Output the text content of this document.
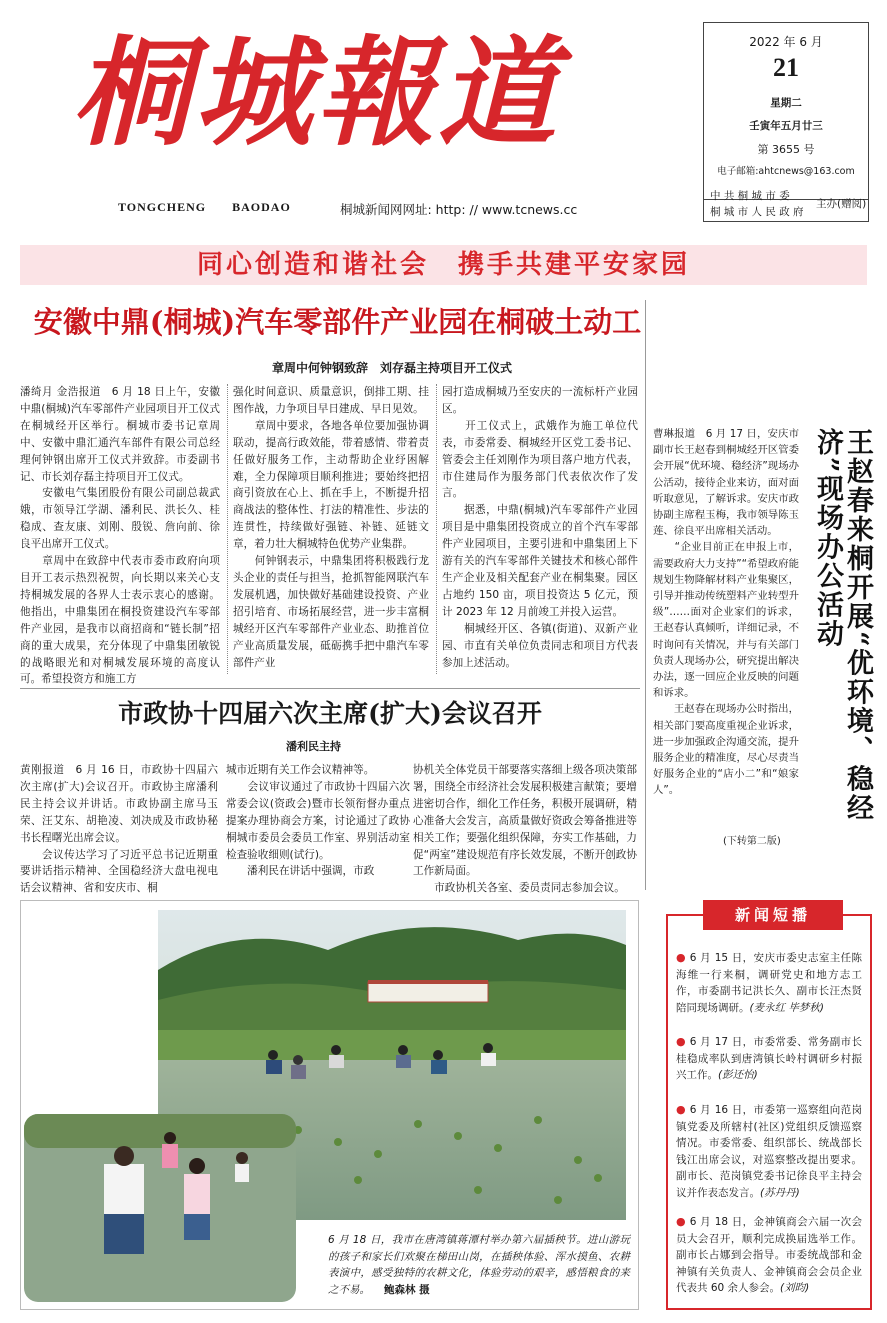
桐城報道
TONGCHENG BAODAO	桐城新闻网网址: http: // www.tcnews.cc
2022 年 6 月
21
星期二
壬寅年五月廿三
第 3655 号
电子邮箱:ahtcnews@163.com
中 共 桐 城 市 委
桐 城 市 人 民 政 府
主办(赠阅)
同心创造和谐社会　携手共建平安家园
安徽中鼎(桐城)汽车零部件产业园在桐破土动工
章周中何钟钢致辞　刘存磊主持项目开工仪式
潘绮月 金浩报道　6 月 18 日上午，安徽中鼎(桐城)汽车零部件产业园项目开工仪式在桐城经开区举行。桐城市委书记章周中、安徽中鼎汇通汽车部件有限公司总经理何钟钢出席开工仪式并致辞。市委副书记、市长刘存磊主持项目开工仪式。
　　安徽电气集团股份有限公司副总裁武娥，市领导江学湖、潘利民、洪长久、桂稳成、查友康、刘刚、殷锐、詹向前、徐良平出席开工仪式。
　　章周中在致辞中代表市委市政府向项目开工表示热烈祝贺，向长期以来关心支持桐城发展的各界人士表示衷心的感谢。他指出，中鼎集团在桐投资建设汽车零部件产业园，是我市以商招商和“链长制”招商的重大成果，充分体现了中鼎集团敏锐的战略眼光和对桐城发展环境的高度认可。希望投资方和施工方
强化时间意识、质量意识，倒排工期、挂图作战，力争项目早日建成、早日见效。
　　章周中要求，各地各单位要加强协调联动，提高行政效能，带着感情、带着责任做好服务工作，主动帮助企业纾困解难，全力保障项目顺利推进；要始终把招商引资放在心上、抓在手上，不断提升招商战法的整体性、打法的精准性、步法的连贯性，持续做好强链、补链、延链文章，着力壮大桐城特色优势产业集群。
　　何钟钢表示，中鼎集团将积极践行龙头企业的责任与担当，抢抓智能网联汽车发展机遇，加快做好基础建设投资、产业招引培育、市场拓展经营，进一步丰富桐城经开区汽车零部件产业业态、助推首位产业高质量发展，砥砺携手把中鼎汽车零部件产业
园打造成桐城乃至安庆的一流标杆产业园区。
　　开工仪式上，武娥作为施工单位代表，市委常委、桐城经开区党工委书记、管委会主任刘刚作为项目落户地方代表，市住建局作为服务部门代表依次作了发言。
　　据悉，中鼎(桐城)汽车零部件产业园项目是中鼎集团投资成立的首个汽车零部件产业园项目，主要引进和中鼎集团上下游有关的汽车零部件关键技术和核心部件生产企业及相关配套产业在桐集聚。园区占地约 150 亩，项目投资达 5 亿元，预计 2023 年 12 月前竣工并投入运营。
　　桐城经开区、各镇(街道)、双新产业园、市直有关单位负责同志和项目方代表参加上述活动。
曹琳报道　6 月 17 日，安庆市副市长王赵春到桐城经开区管委会开展“优环境、稳经济”现场办公活动，接待企业来访，面对面听取意见，了解诉求。安庆市政协副主席程玉梅，我市领导陈玉莲、徐良平出席相关活动。
　　“企业目前正在申报上市，需要政府大力支持”“希望政府能规划生物降解材料产业集聚区，引导并推动传统塑料产业转型升级”……面对企业家们的诉求，王赵春认真倾听，详细记录，不时询问有关情况，并与有关部门负责人现场办公，研究提出解决办法，逐一回应企业反映的问题和诉求。
　　王赵春在现场办公时指出，相关部门要高度重视企业诉求，进一步加强政企沟通交流，提升服务企业的精准度，尽心尽责当好服务企业的“店小二”和“娘家人”。
(下转第二版)
王赵春来桐开展“优环境、稳经济”现场办公活动
市政协十四届六次主席(扩大)会议召开
潘利民主持
黄刚报道　6 月 16 日，市政协十四届六次主席(扩大)会议召开。市政协主席潘利民主持会议并讲话。市政协副主席马玉荣、汪艾东、胡艳凌、刘决成及市政协秘书长程曙光出席会议。
　　会议传达学习了习近平总书记近期重要讲话指示精神、全国稳经济大盘电视电话会议精神、省和安庆市、桐
城市近期有关工作会议精神等。
　　会议审议通过了市政协十四届六次常委会议(资政会)暨市长领衔督办重点提案办理协商会方案，讨论通过了政协桐城市委员会委员工作室、界别活动室检查验收细则(试行)。
　　潘利民在讲话中强调，市政
协机关全体党员干部要落实落细上级各项决策部署，围绕全市经济社会发展积极建言献策；要增进密切合作，细化工作任务，积极开展调研，精心准备大会发言，高质量做好资政会筹备推进等相关工作；要强化组织保障，夯实工作基础，力促“两室”建设规范有序长效发展，不断开创政协工作新局面。
　　市政协机关各室、委员责同志参加会议。
6 月 18 日，我市在唐湾镇蒋潭村举办第六届插秧节。进山游玩的孩子和家长们欢聚在梯田山岗，在插秧体验、浑水摸鱼、农耕表演中，感受独特的农耕文化，体验劳动的艰辛，感悟粮食的来之不易。 鲍森林 摄
新闻短播
● 6 月 15 日，安庆市委史志室主任陈海维一行来桐，调研党史和地方志工作，市委副书记洪长久、副市长汪杰贤陪同现场调研。(麦永红 毕梦秋)
● 6 月 17 日，市委常委、常务副市长桂稳成率队到唐湾镇长岭村调研乡村振兴工作。(彭还怡)
● 6 月 16 日，市委第一巡察组向范岗镇党委及所辖村(社区)党组织反馈巡察情况。市委常委、组织部长、统战部长钱江出席会议，对巡察整改提出要求。副市长、范岗镇党委书记徐良平主持会议并作表态发言。(苏丹丹)
● 6 月 18 日，金神镇商会六届一次会员大会召开，顺利完成换届选举工作。副市长占娜到会指导。市委统战部和金神镇有关负责人、金神镇商会会员企业代表共 60 余人参会。(刘昀)
